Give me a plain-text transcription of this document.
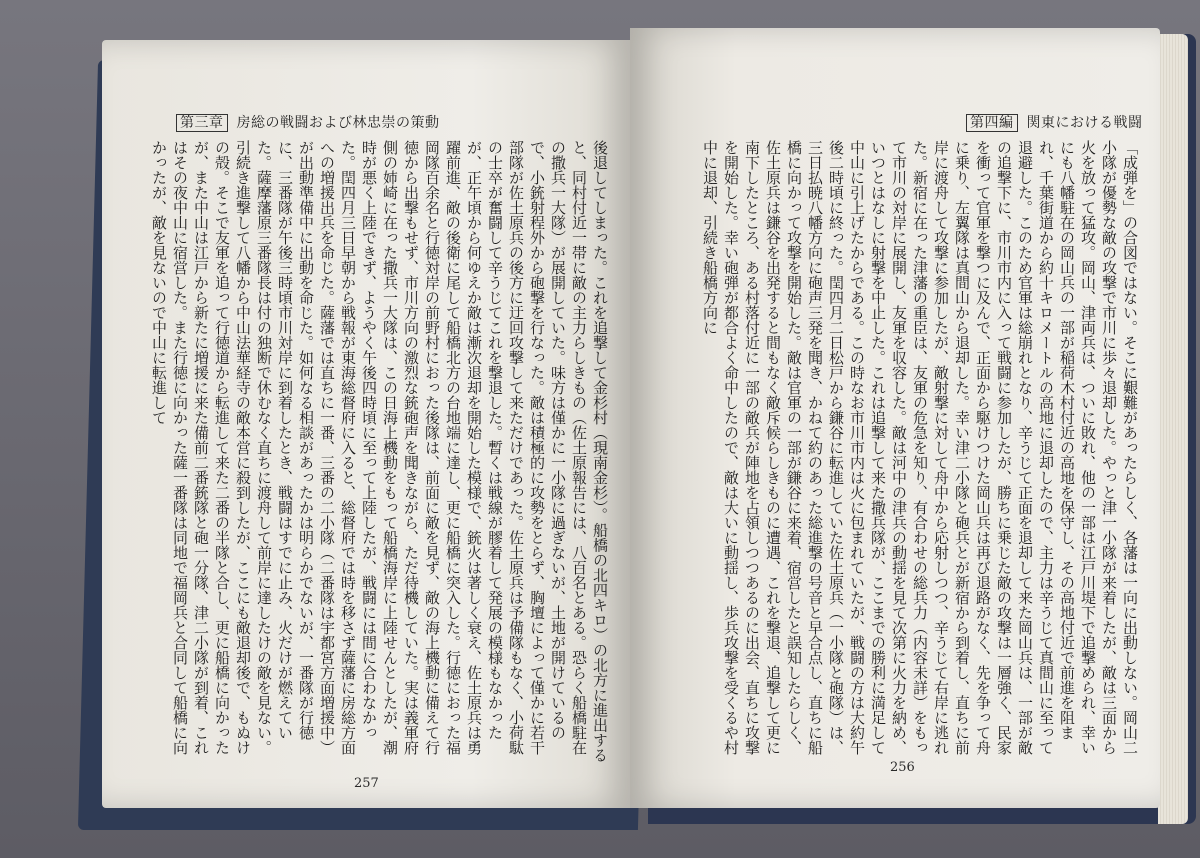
第三章 房総の戦闘および林忠崇の策動
後退してしまった。これを追撃して金杉村（現南金杉）。船橋の北四キロ）の北方に進出すると、同村付近一帯に敵の主力らしきもの（佐土原報告には、八百名とある。恐らく船橋駐在の撒兵一大隊）が展開していた。味方は僅かに一小隊に過ぎないが、土地が開けているので、小銃射程外から砲撃を行なった。敵は積極的に攻勢をとらず、胸壇によって僅かに若干部隊が佐土原兵の後方に迂回攻撃して来ただけであった。佐土原兵は予備隊もなく、小荷駄の士卒が奮闘して辛うじてこれを撃退した。暫くは戦線が膠着して発展の模様もなかったが、正午頃から何ゆえか敵は漸次退却を開始した模様で、銃火は著しく衰え、佐土原兵は勇躍前進、敵の後衛に尾して船橋北方の台地端に達し、更に船橋に突入した。行徳におった福岡隊百余名と行徳対岸の前野村におった後隊は、前面に敵を見ず、敵の海上機動に備えて行徳から出撃もせず、市川方向の激烈な銃砲声を聞きながら、ただ待機していた。実は義軍府側の姉崎に在った撒兵一大隊は、この日海上機動をもって船橋海岸に上陸せんとしたが、潮時が悪く上陸できず、ようやく午後四時頃に至って上陸したが、戦闘には間に合わなかった。閏四月三日早朝から戦報が東海総督府に入ると、総督府では時を移さず薩藩に房総方面への増援出兵を命じた。薩藩では直ちに一番、三番の二小隊（二番隊は宇都宮方面増援中）が出動準備中に出動を命じた。如何なる相談があったかは明らかでないが、一番隊が行徳に、三番隊が午後三時頃市川対岸に到着したとき、戦闘はすでに止み、火だけが燃えていた。薩摩藩原三番隊長は付の独断で休むなく直ちに渡舟して前岸に達したけの敵を見ない。引続き進撃して八幡から中山法華経寺の敵本営に殺到したが、ここにも敵退却後で、もぬけの殻。そこで友軍を追って行徳道から転進して来た二番の半隊と合し、更に船橋に向かったが、また中山は江戸から新たに増援に来た備前二番銃隊と砲一分隊、津二小隊が到着、これはその夜中山に宿営した。また行徳に向かった薩一番隊は同地で福岡兵と合同して船橋に向かったが、敵を見ないので中山に転進して
257
第四編 関東における戦闘
「成弾を」の合図ではない。そこに艱難があったらしく、各藩は一向に出動しない。岡山二小隊が優勢な敵の攻撃で市川に歩々退却した。やっと津一小隊が来着したが、敵は三面から火を放って猛攻。岡山、津両兵は、ついに敗れ、他の一部は江戸川堤下で追撃められ、幸いにも八幡駐在の岡山兵の一部が稲荷木村付近の高地を保守し、その高地付近で前進を阻まれ、千葉街道から約十キロメートルの高地に退却したので、主力は辛うじて真間山に至って退避した。このため官軍は総崩れとなり、辛うじて正面を退却して来た岡山兵は、一部が敵の追撃下に、市川市内に入って戦闘に参加したが、勝ちに乗じた敵の攻撃は一層強く、民家を衝って官軍を撃つに及んで、正面から駆けつけた岡山兵は再び退路がなく、先を争って舟に乗り、左翼隊は真間山から退却した。幸い津二小隊と砲兵とが新宿から到着し、直ちに前岸に渡舟して攻撃に参加したが、敵射撃に対して舟中から応射しつつ、辛うじて右岸に逃れた。新宿に在った津藩の重臣は、友軍の危急を知り、有合わせの総兵力（内容未詳）をもって市川の対岸に展開し、友軍を収容した。敵は河中の津兵の動揺を見て次第に火力を納め、いつとはなしに射撃を中止した。これは追撃して来た撒兵隊が、ここまでの勝利に満足して中山に引上げたからである。この時なお市川市内は火に包まれていたが、戦闘の方は大約午後二時頃に終った。閏四月二日松戸から鎌谷に転進していた佐土原兵（一小隊と砲隊）は、三日払暁八幡方向に砲声三発を聞き、かねて約のあった総進撃の号音と早合点し、直ちに船橋に向かって攻撃を開始した。敵は官軍の一部が鎌谷に来着、宿営したと誤知したらしく、佐土原兵は鎌谷を出発すると間もなく敵斥候らしきものに遭遇、これを撃退、追撃して更に南下したところ、ある村落付近に一部の敵兵が陣地を占領しつつあるのに出会、直ちに攻撃を開始した。幸い砲弾が都合よく命中したので、敵は大いに動揺し、歩兵攻撃を受くるや村中に退却、引続き船橋方向に
256
